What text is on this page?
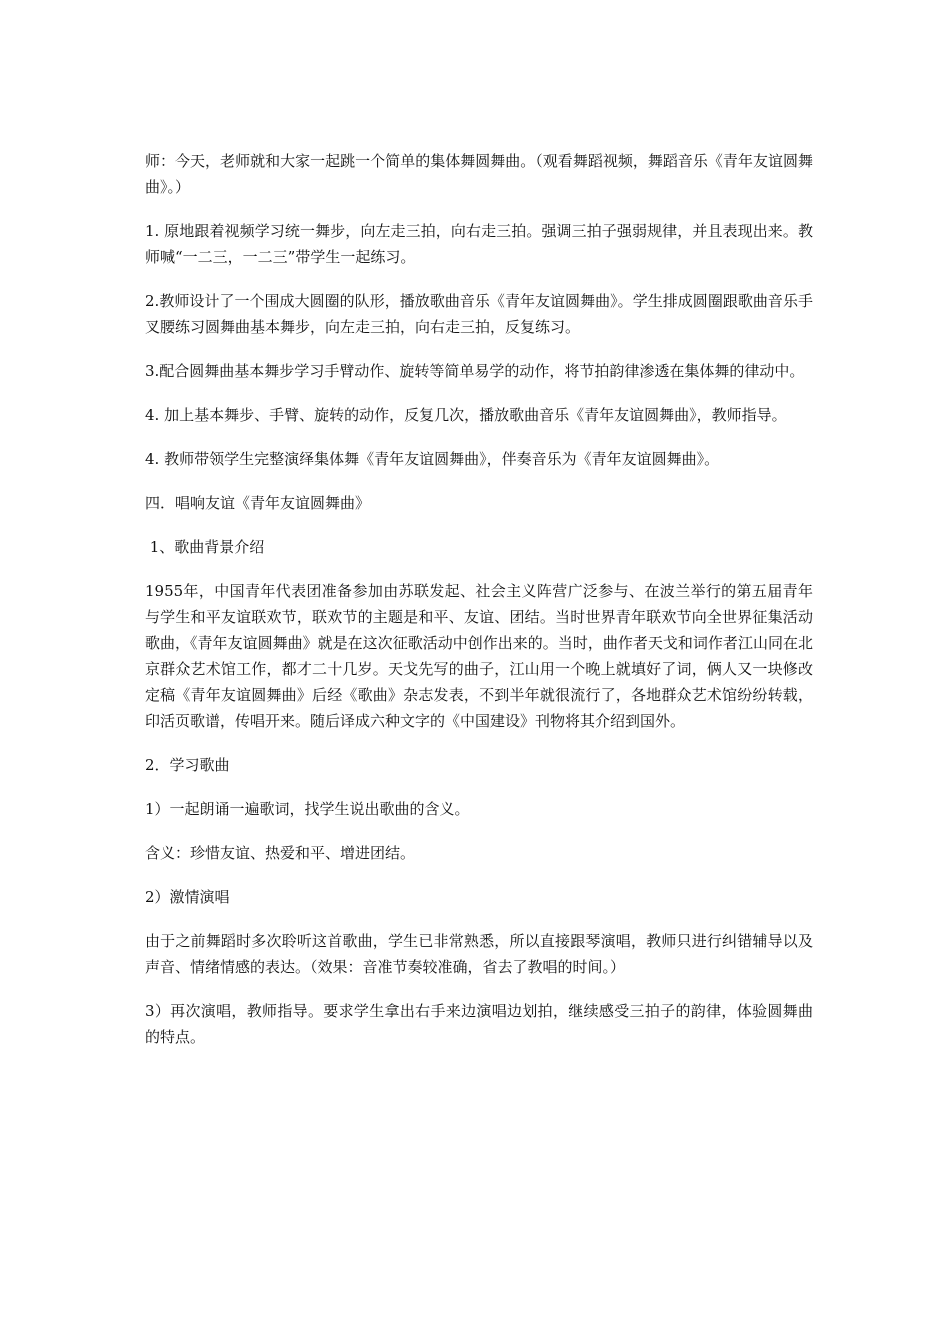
师：今天，老师就和大家一起跳一个简单的集体舞圆舞曲。（观看舞蹈视频，舞蹈音乐《青年友谊圆舞曲》。）

1. 原地跟着视频学习统一舞步，向左走三拍，向右走三拍。强调三拍子强弱规律，并且表现出来。教师喊“一二三，一二三”带学生一起练习。

2.教师设计了一个围成大圆圈的队形，播放歌曲音乐《青年友谊圆舞曲》。学生排成圆圈跟歌曲音乐手叉腰练习圆舞曲基本舞步，向左走三拍，向右走三拍，反复练习。

3.配合圆舞曲基本舞步学习手臂动作、旋转等简单易学的动作，将节拍韵律渗透在集体舞的律动中。

4. 加上基本舞步、手臂、旋转的动作，反复几次，播放歌曲音乐《青年友谊圆舞曲》，教师指导。

4. 教师带领学生完整演绎集体舞《青年友谊圆舞曲》，伴奏音乐为《青年友谊圆舞曲》。

四．唱响友谊《青年友谊圆舞曲》

1、歌曲背景介绍

1955年，中国青年代表团准备参加由苏联发起、社会主义阵营广泛参与、在波兰举行的第五届青年与学生和平友谊联欢节，联欢节的主题是和平、友谊、团结。当时世界青年联欢节向全世界征集活动歌曲，《青年友谊圆舞曲》就是在这次征歌活动中创作出来的。当时，曲作者天戈和词作者江山同在北京群众艺术馆工作，都才二十几岁。天戈先写的曲子，江山用一个晚上就填好了词，俩人又一块修改定稿《青年友谊圆舞曲》后经《歌曲》杂志发表，不到半年就很流行了，各地群众艺术馆纷纷转载，印活页歌谱，传唱开来。随后译成六种文字的《中国建设》刊物将其介绍到国外。

2．学习歌曲

1）一起朗诵一遍歌词，找学生说出歌曲的含义。

含义：珍惜友谊、热爱和平、增进团结。

2）激情演唱

由于之前舞蹈时多次聆听这首歌曲，学生已非常熟悉，所以直接跟琴演唱，教师只进行纠错辅导以及声音、情绪情感的表达。（效果：音准节奏较准确，省去了教唱的时间。）

3）再次演唱，教师指导。要求学生拿出右手来边演唱边划拍，继续感受三拍子的韵律，体验圆舞曲的特点。
